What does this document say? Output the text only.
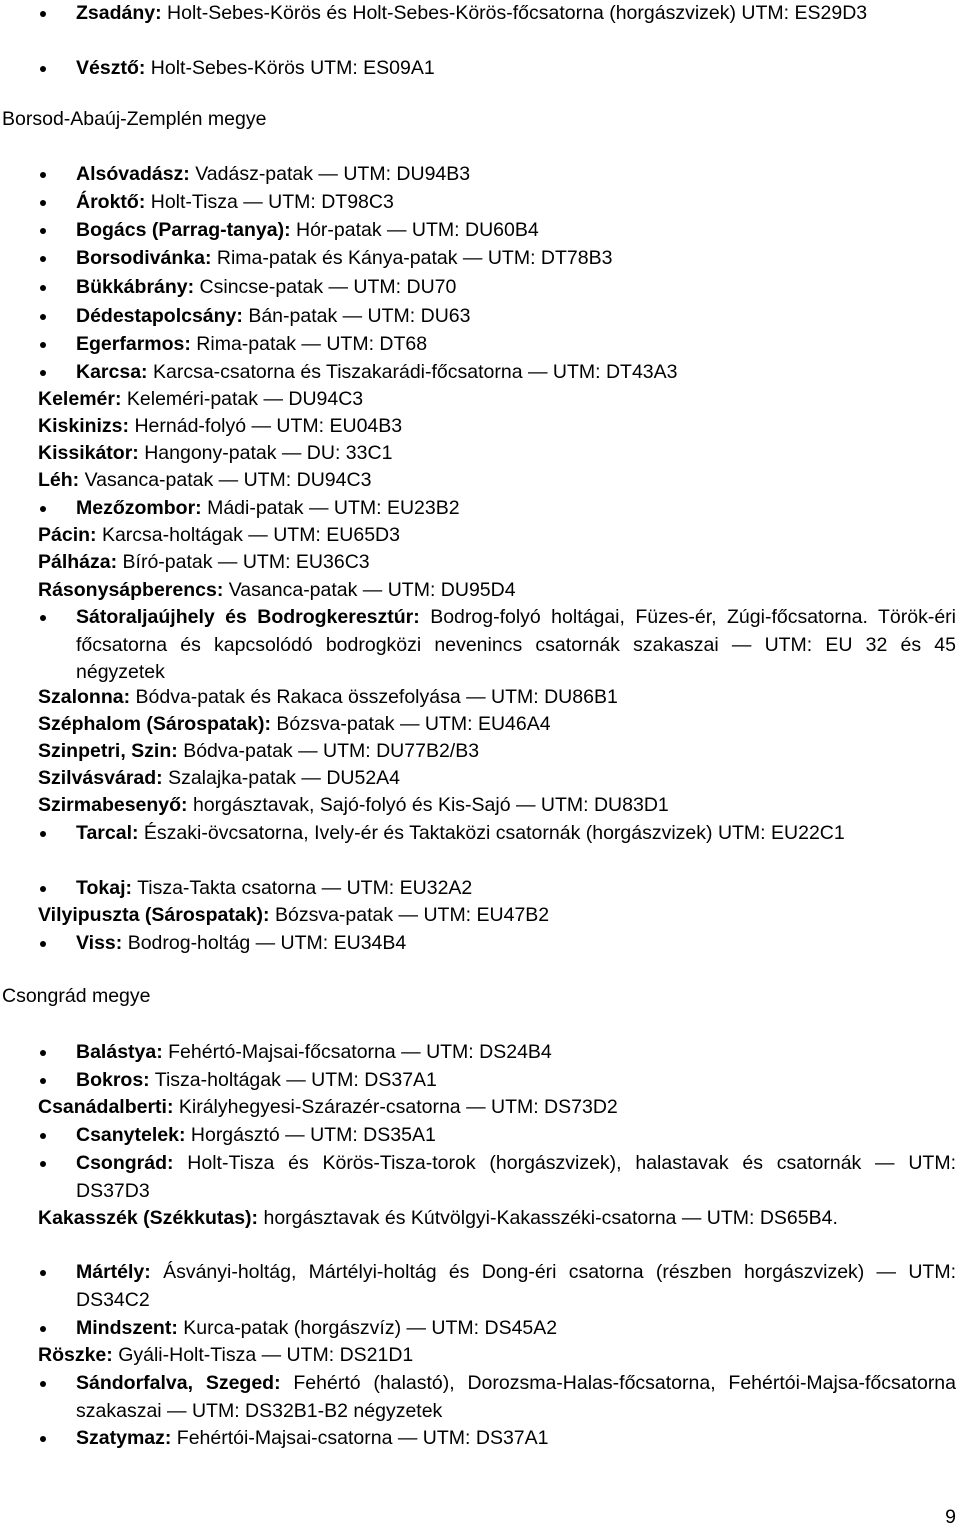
Zsadány: Holt-Sebes-Körös és Holt-Sebes-Körös-főcsatorna (horgászvizek) UTM: ES29D3
Vésztő: Holt-Sebes-Körös UTM: ES09A1
Borsod-Abaúj-Zemplén megye
Alsóvadász: Vadász-patak ― UTM: DU94B3
Ároktő: Holt-Tisza ― UTM: DT98C3
Bogács (Parrag-tanya): Hór-patak ― UTM: DU60B4
Borsodivánka: Rima-patak és Kánya-patak ― UTM: DT78B3
Bükkábrány: Csincse-patak ― UTM: DU70
Dédestapolcsány: Bán-patak ― UTM: DU63
Egerfarmos: Rima-patak ― UTM: DT68
Karcsa: Karcsa-csatorna és Tiszakarádi-főcsatorna ― UTM: DT43A3
Kelemér: Keleméri-patak ― DU94C3
Kiskinizs: Hernád-folyó ― UTM: EU04B3
Kissikátor: Hangony-patak ― DU: 33C1
Léh: Vasanca-patak ― UTM: DU94C3
Mezőzombor: Mádi-patak ― UTM: EU23B2
Pácin: Karcsa-holtágak ― UTM: EU65D3
Pálháza: Bíró-patak ― UTM: EU36C3
Rásonysápberencs: Vasanca-patak ― UTM: DU95D4
Sátoraljaújhely és Bodrogkeresztúr: Bodrog-folyó holtágai, Füzes-ér, Zúgi-főcsatorna. Török-éri főcsatorna és kapcsolódó bodrogközi nevenincs csatornák szakaszai ― UTM: EU 32 és 45 négyzetek
Szalonna: Bódva-patak és Rakaca összefolyása ― UTM: DU86B1
Széphalom (Sárospatak): Bózsva-patak ― UTM: EU46A4
Szinpetri, Szin: Bódva-patak ― UTM: DU77B2/B3
Szilvásvárad: Szalajka-patak ― DU52A4
Szirmabesenyő: horgásztavak, Sajó-folyó és Kis-Sajó ― UTM: DU83D1
Tarcal: Északi-övcsatorna, Ively-ér és Taktaközi csatornák (horgászvizek) UTM: EU22C1
Tokaj: Tisza-Takta csatorna ― UTM: EU32A2
Vilyipuszta (Sárospatak): Bózsva-patak ― UTM: EU47B2
Viss: Bodrog-holtág ― UTM: EU34B4
Csongrád megye
Balástya: Fehértó-Majsai-főcsatorna ― UTM: DS24B4
Bokros: Tisza-holtágak ― UTM: DS37A1
Csanádalberti: Királyhegyesi-Szárazér-csatorna ― UTM: DS73D2
Csanytelek: Horgásztó ― UTM: DS35A1
Csongrád: Holt-Tisza és Körös-Tisza-torok (horgászvizek), halastavak és csatornák ― UTM: DS37D3
Kakasszék (Székkutas): horgásztavak és Kútvölgyi-Kakasszéki-csatorna ― UTM: DS65B4.
Mártély: Ásványi-holtág, Mártélyi-holtág és Dong-éri csatorna (részben horgászvizek) ― UTM: DS34C2
Mindszent: Kurca-patak (horgászvíz) ― UTM: DS45A2
Röszke: Gyáli-Holt-Tisza ― UTM: DS21D1
Sándorfalva, Szeged: Fehértó (halastó), Dorozsma-Halas-főcsatorna, Fehértói-Majsa-főcsatorna szakaszai ― UTM: DS32B1-B2 négyzetek
Szatymaz: Fehértói-Majsai-csatorna ― UTM: DS37A1
9
